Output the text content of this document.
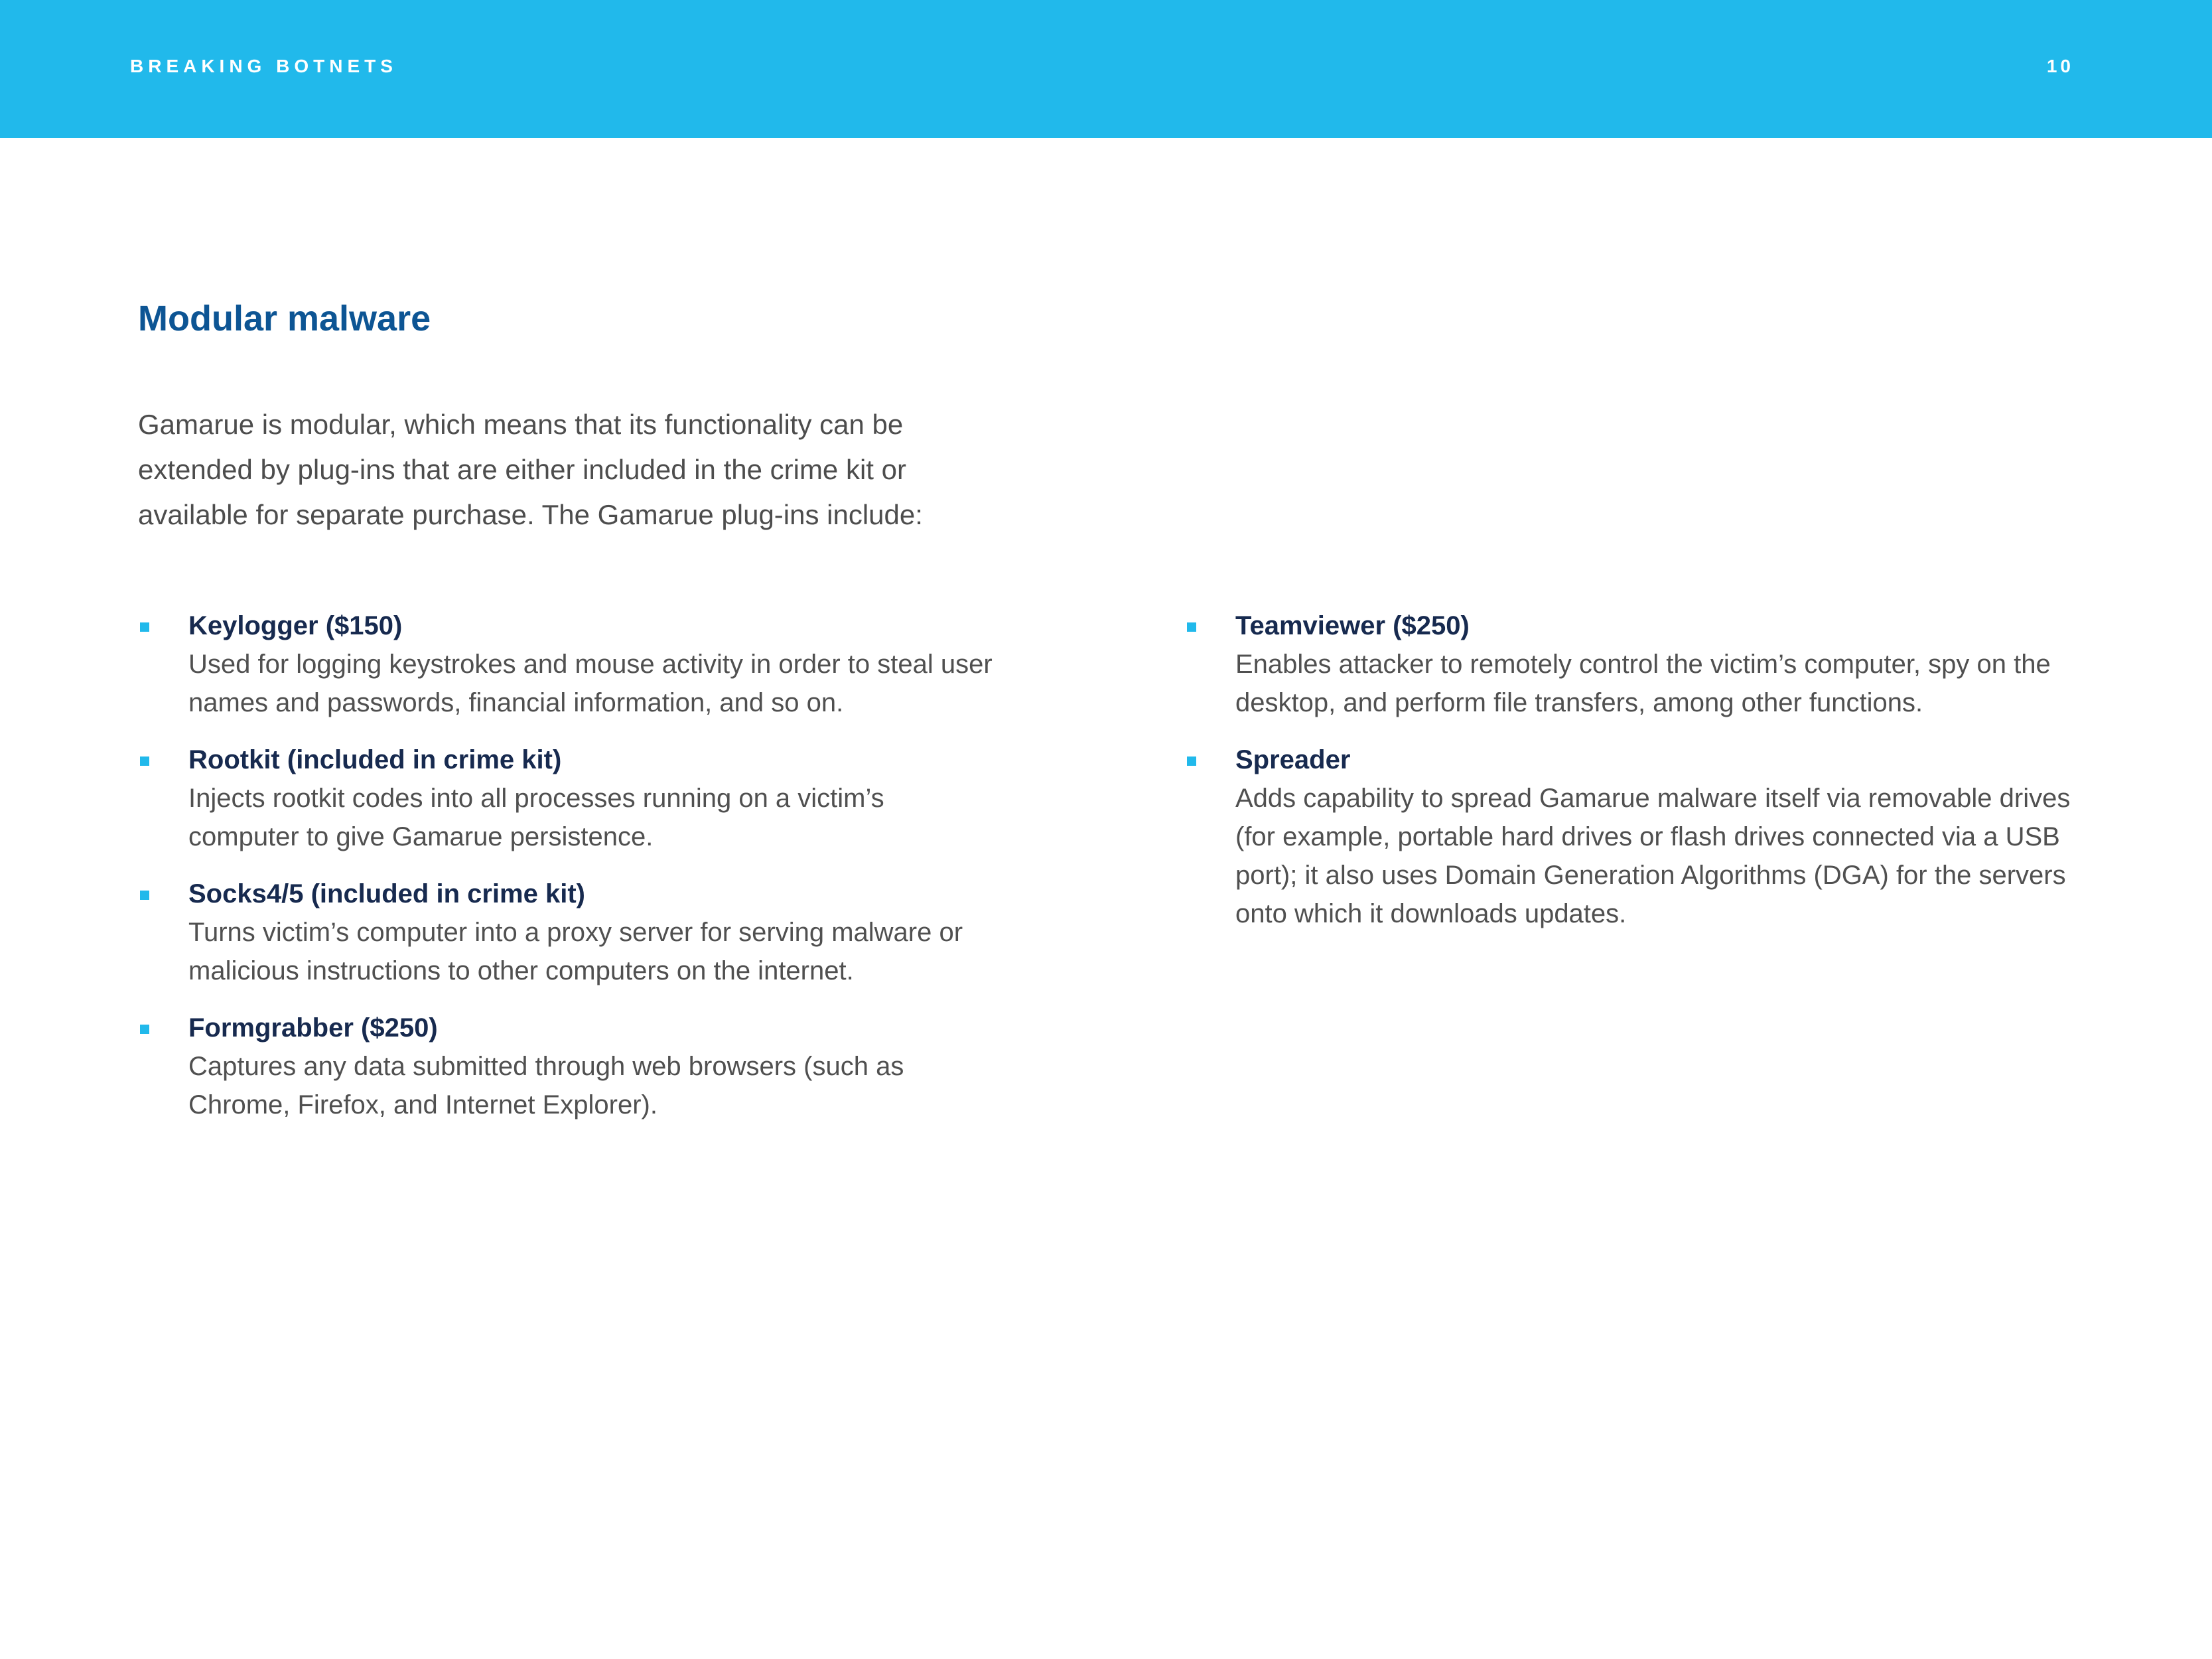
BREAKING BOTNETS	10
Modular malware
Gamarue is modular, which means that its functionality can be extended by plug-ins that are either included in the crime kit or available for separate purchase. The Gamarue plug-ins include:
Keylogger ($150)
Used for logging keystrokes and mouse activity in order to steal user names and passwords, financial information, and so on.
Rootkit (included in crime kit)
Injects rootkit codes into all processes running on a victim’s computer to give Gamarue persistence.
Socks4/5 (included in crime kit)
Turns victim’s computer into a proxy server for serving malware or malicious instructions to other computers on the internet.
Formgrabber ($250)
Captures any data submitted through web browsers (such as Chrome, Firefox, and Internet Explorer).
Teamviewer ($250)
Enables attacker to remotely control the victim’s computer, spy on the desktop, and perform file transfers, among other functions.
Spreader
Adds capability to spread Gamarue malware itself via removable drives (for example, portable hard drives or flash drives connected via a USB port); it also uses Domain Generation Algorithms (DGA) for the servers onto which it downloads updates.
